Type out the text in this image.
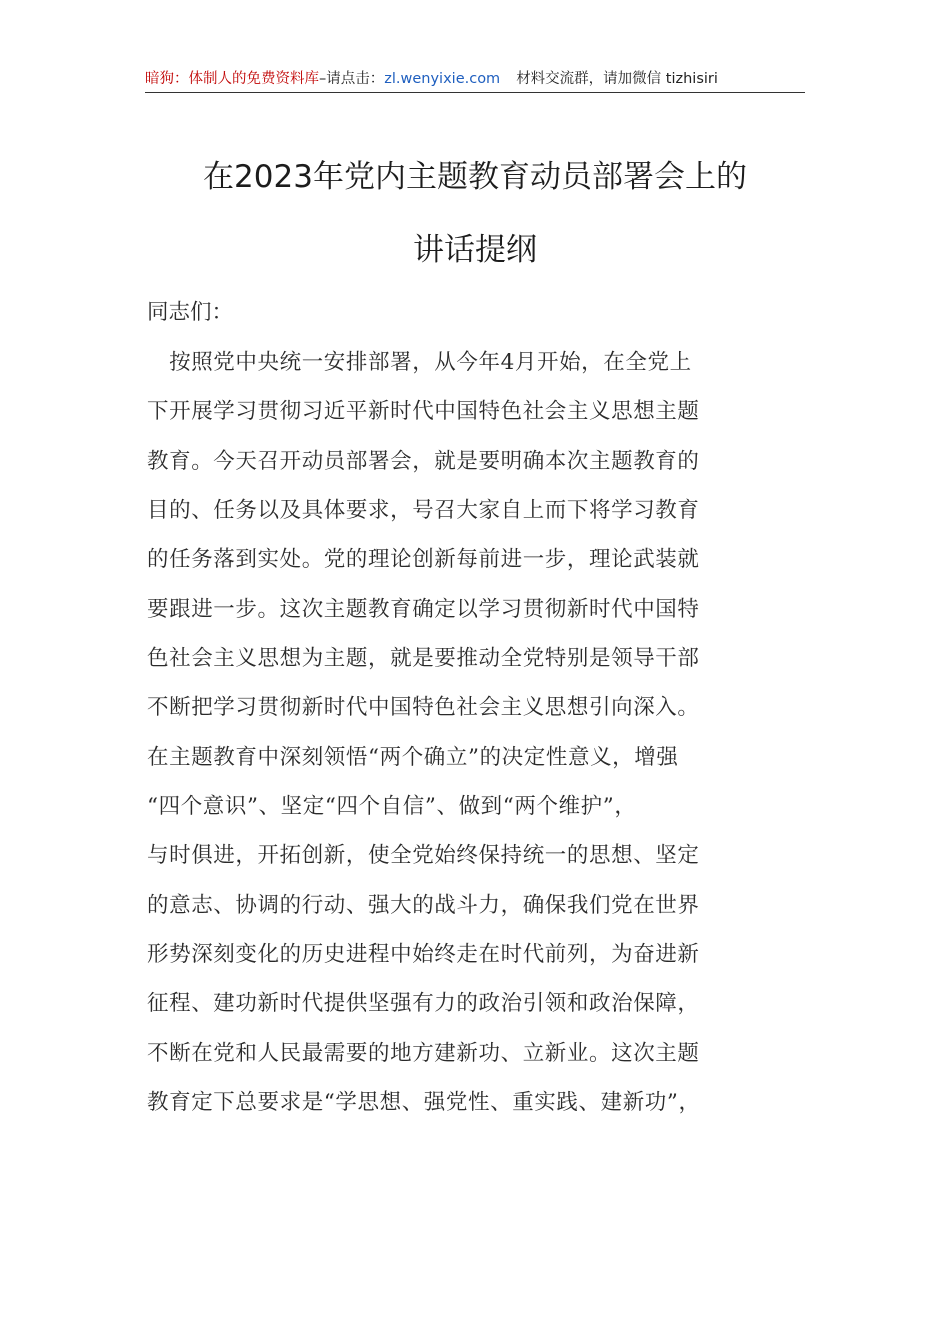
暗狗：体制人的免费资料库–请点击：zl.wenyixie.com 材料交流群，请加微信 tizhisiri
在2023年党内主题教育动员部署会上的
讲话提纲
同志们：
　按照党中央统一安排部署，从今年4月开始，在全党上
下开展学习贯彻习近平新时代中国特色社会主义思想主题
教育。今天召开动员部署会，就是要明确本次主题教育的
目的、任务以及具体要求，号召大家自上而下将学习教育
的任务落到实处。党的理论创新每前进一步，理论武装就
要跟进一步。这次主题教育确定以学习贯彻新时代中国特
色社会主义思想为主题，就是要推动全党特别是领导干部
不断把学习贯彻新时代中国特色社会主义思想引向深入。
在主题教育中深刻领悟“两个确立”的决定性意义，增强
“四个意识”、坚定“四个自信”、做到“两个维护”，
与时俱进，开拓创新，使全党始终保持统一的思想、坚定
的意志、协调的行动、强大的战斗力，确保我们党在世界
形势深刻变化的历史进程中始终走在时代前列，为奋进新
征程、建功新时代提供坚强有力的政治引领和政治保障，
不断在党和人民最需要的地方建新功、立新业。这次主题
教育定下总要求是“学思想、强党性、重实践、建新功”，
